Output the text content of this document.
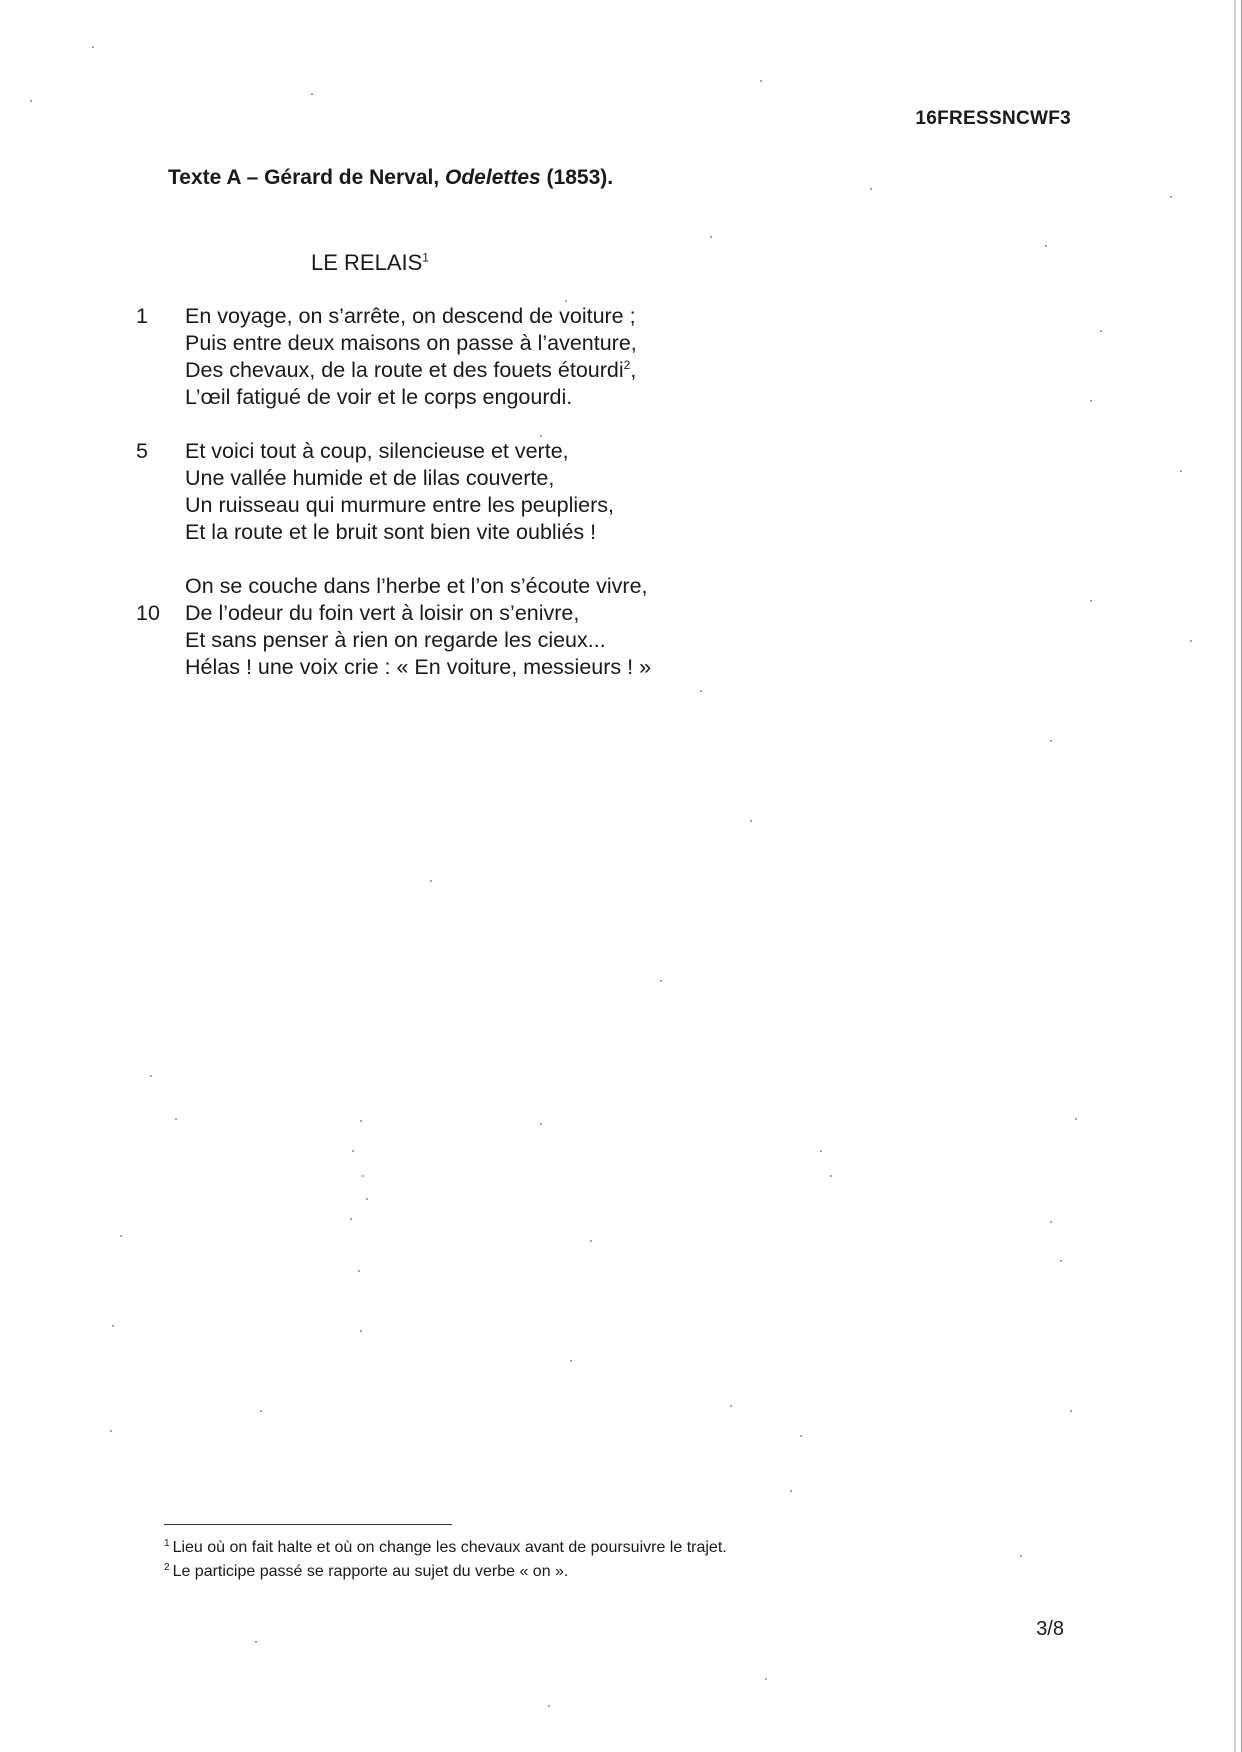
16FRESSNCWF3
Texte A – Gérard de Nerval, Odelettes (1853).
LE RELAIS$^1$
1 En voyage, on s’arrête, on descend de voiture ;
Puis entre deux maisons on passe à l’aventure,
Des chevaux, de la route et des fouets étourdi$^2$,
L’œil fatigué de voir et le corps engourdi.
5 Et voici tout à coup, silencieuse et verte,
Une vallée humide et de lilas couverte,
Un ruisseau qui murmure entre les peupliers,
Et la route et le bruit sont bien vite oubliés !
On se couche dans l’herbe et l’on s’écoute vivre,
10 De l’odeur du foin vert à loisir on s’enivre,
Et sans penser à rien on regarde les cieux...
Hélas ! une voix crie : « En voiture, messieurs ! »
$^1$ Lieu où on fait halte et où on change les chevaux avant de poursuivre le trajet.
$^2$ Le participe passé se rapporte au sujet du verbe « on ».
3/8
